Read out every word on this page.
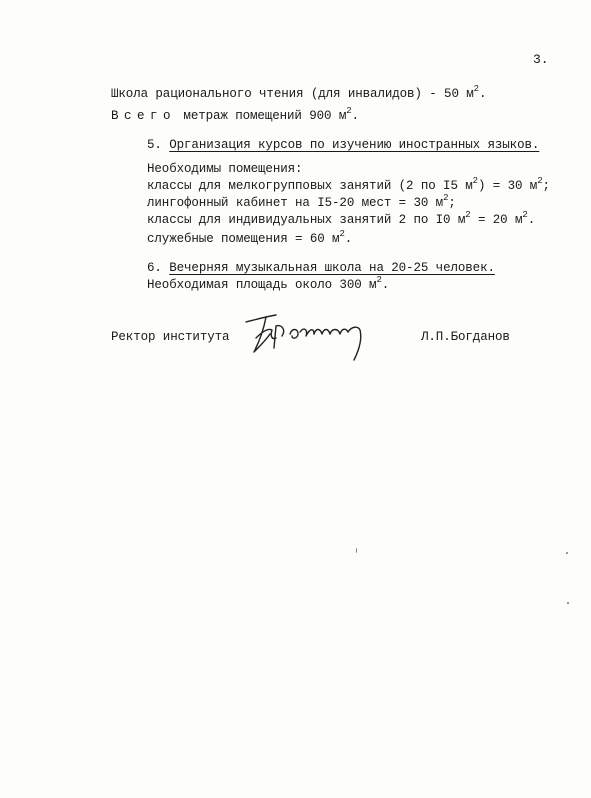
3.
Школа рационального чтения (для инвалидов) - 50 $м^2$.
Всего метраж помещений 900 $м^2$.
5. Организация курсов по изучению иностранных языков.
Необходимы помещения:
классы для мелкогрупповых занятий (2 по I5 $м^2) = 30$ $м^2$;
лингофонный кабинет на I5-20 мест = 30 $м^2$;
классы для индивидуальных занятий 2 по I0 $м^2 = 20$ $м^2$.
служебные помещения = 60 $м^2$.
6. Вечерняя музыкальная школа на 20-25 человек.
Необходимая площадь около 300 $м^2$.
Ректор института	Л.П.Богданов
